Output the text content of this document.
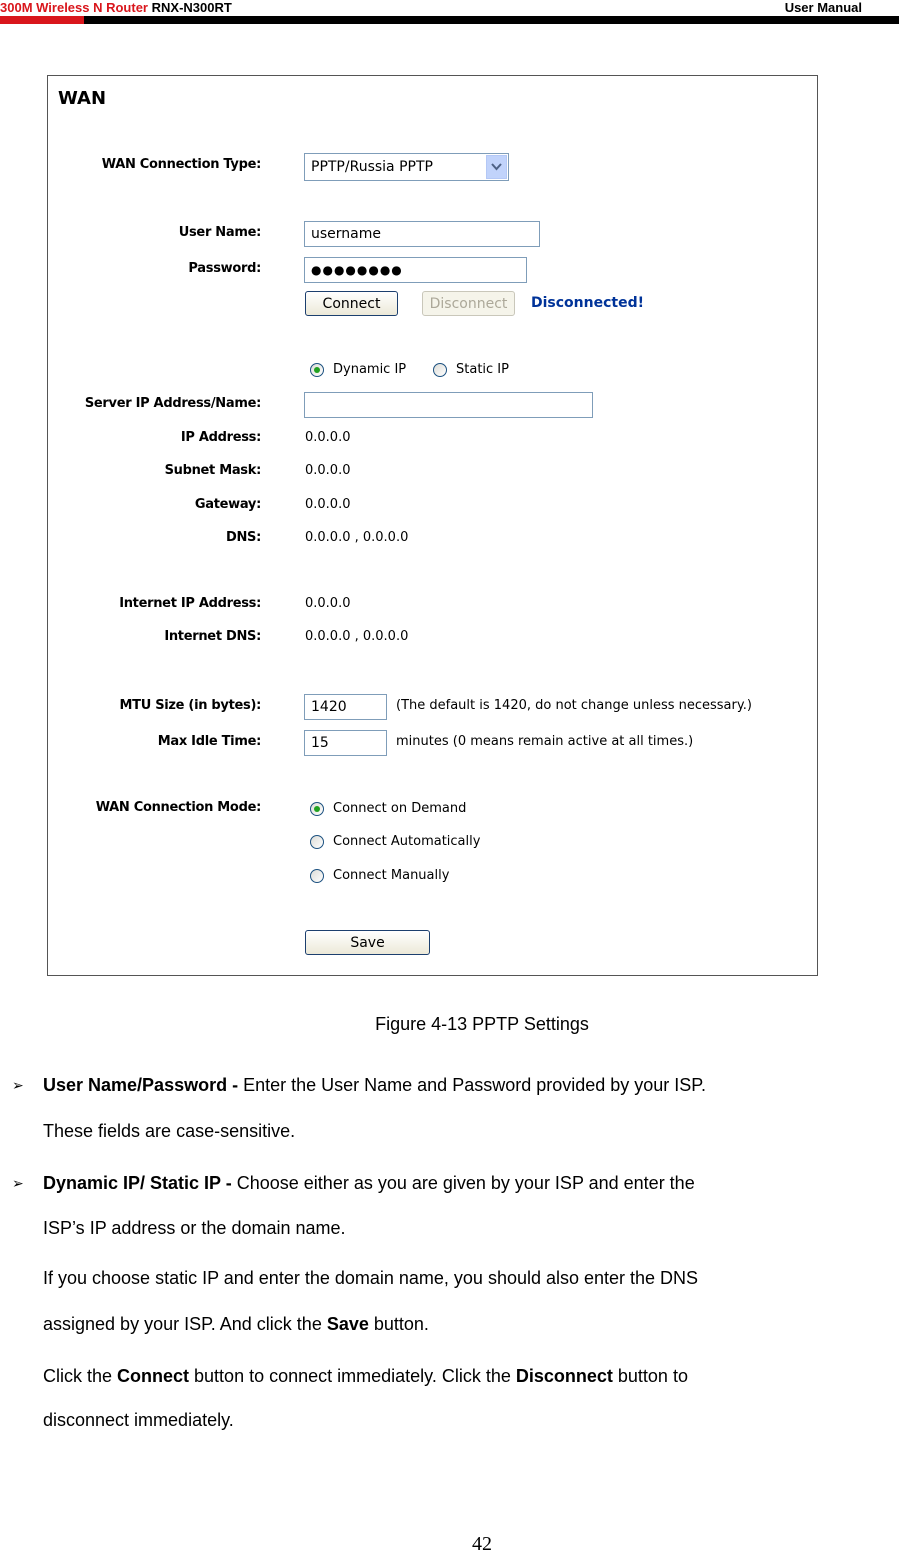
300M Wireless N Router RNX-N300RT	User Manual
WAN
WAN Connection Type:	PPTP/Russia PPTP
User Name:	username
Password:	●●●●●●●●
Connect	Disconnect	Disconnected!
Dynamic IP	Static IP
Server IP Address/Name:
IP Address:	0.0.0.0
Subnet Mask:	0.0.0.0
Gateway:	0.0.0.0
DNS:	0.0.0.0 , 0.0.0.0
Internet IP Address:	0.0.0.0
Internet DNS:	0.0.0.0 , 0.0.0.0
MTU Size (in bytes):	1420	(The default is 1420, do not change unless necessary.)
Max Idle Time:	15	minutes (0 means remain active at all times.)
WAN Connection Mode:	Connect on Demand
Connect Automatically
Connect Manually
Save
Figure 4-13 PPTP Settings
➢ User Name/Password - Enter the User Name and Password provided by your ISP.
These fields are case-sensitive.
➢ Dynamic IP/ Static IP - Choose either as you are given by your ISP and enter the
ISP’s IP address or the domain name.
If you choose static IP and enter the domain name, you should also enter the DNS
assigned by your ISP. And click the Save button.
Click the Connect button to connect immediately. Click the Disconnect button to
disconnect immediately.
42
